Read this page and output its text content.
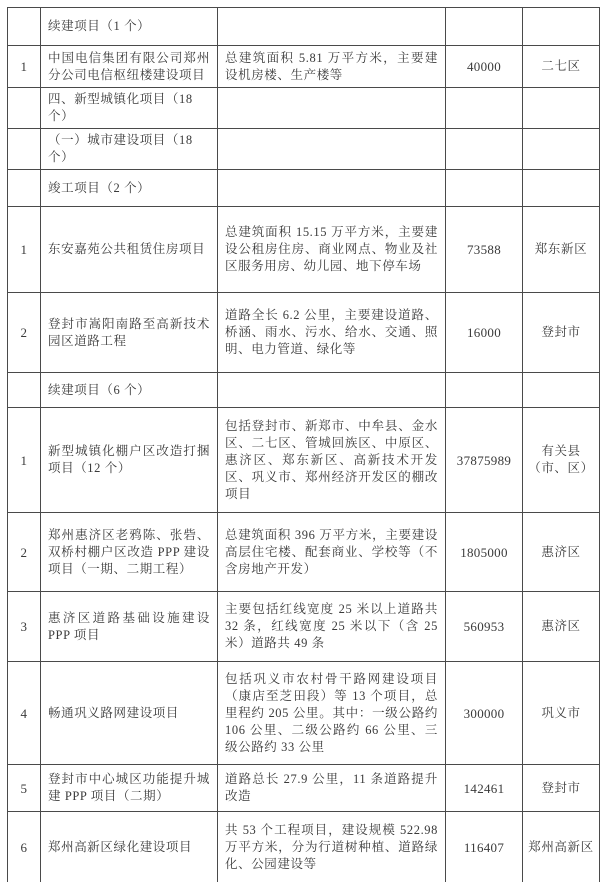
	续建项目（1 个）			
1	中国电信集团有限公司郑州分公司电信枢纽楼建设项目	总建筑面积 5.81 万平方米，主要建设机房楼、生产楼等	40000	二七区
	四、新型城镇化项目（18 个）			
	（一）城市建设项目（18 个）			
	竣工项目（2 个）			
1	东安嘉苑公共租赁住房项目	总建筑面积 15.15 万平方米，主要建设公租房住房、商业网点、物业及社区服务用房、幼儿园、地下停车场	73588	郑东新区
2	登封市嵩阳南路至高新技术园区道路工程	道路全长 6.2 公里，主要建设道路、桥涵、雨水、污水、给水、交通、照明、电力管道、绿化等	16000	登封市
	续建项目（6 个）			
1	新型城镇化棚户区改造打捆项目（12 个）	包括登封市、新郑市、中牟县、金水区、二七区、管城回族区、中原区、惠济区、郑东新区、高新技术开发区、巩义市、郑州经济开发区的棚改项目	37875989	有关县（市、区）
2	郑州惠济区老鸦陈、张砦、双桥村棚户区改造 PPP 建设项目（一期、二期工程）	总建筑面积 396 万平方米，主要建设高层住宅楼、配套商业、学校等（不含房地产开发）	1805000	惠济区
3	惠济区道路基础设施建设 PPP 项目	主要包括红线宽度 25 米以上道路共 32 条，红线宽度 25 米以下（含 25 米）道路共 49 条	560953	惠济区
4	畅通巩义路网建设项目	包括巩义市农村骨干路网建设项目（康店至芝田段）等 13 个项目，总里程约 205 公里。其中：一级公路约 106 公里、二级公路约 66 公里、三级公路约 33 公里	300000	巩义市
5	登封市中心城区功能提升城建 PPP 项目（二期）	道路总长 27.9 公里，11 条道路提升改造	142461	登封市
6	郑州高新区绿化建设项目	共 53 个工程项目，建设规模 522.98 万平方米，分为行道树种植、道路绿化、公园建设等	116407	郑州高新区
